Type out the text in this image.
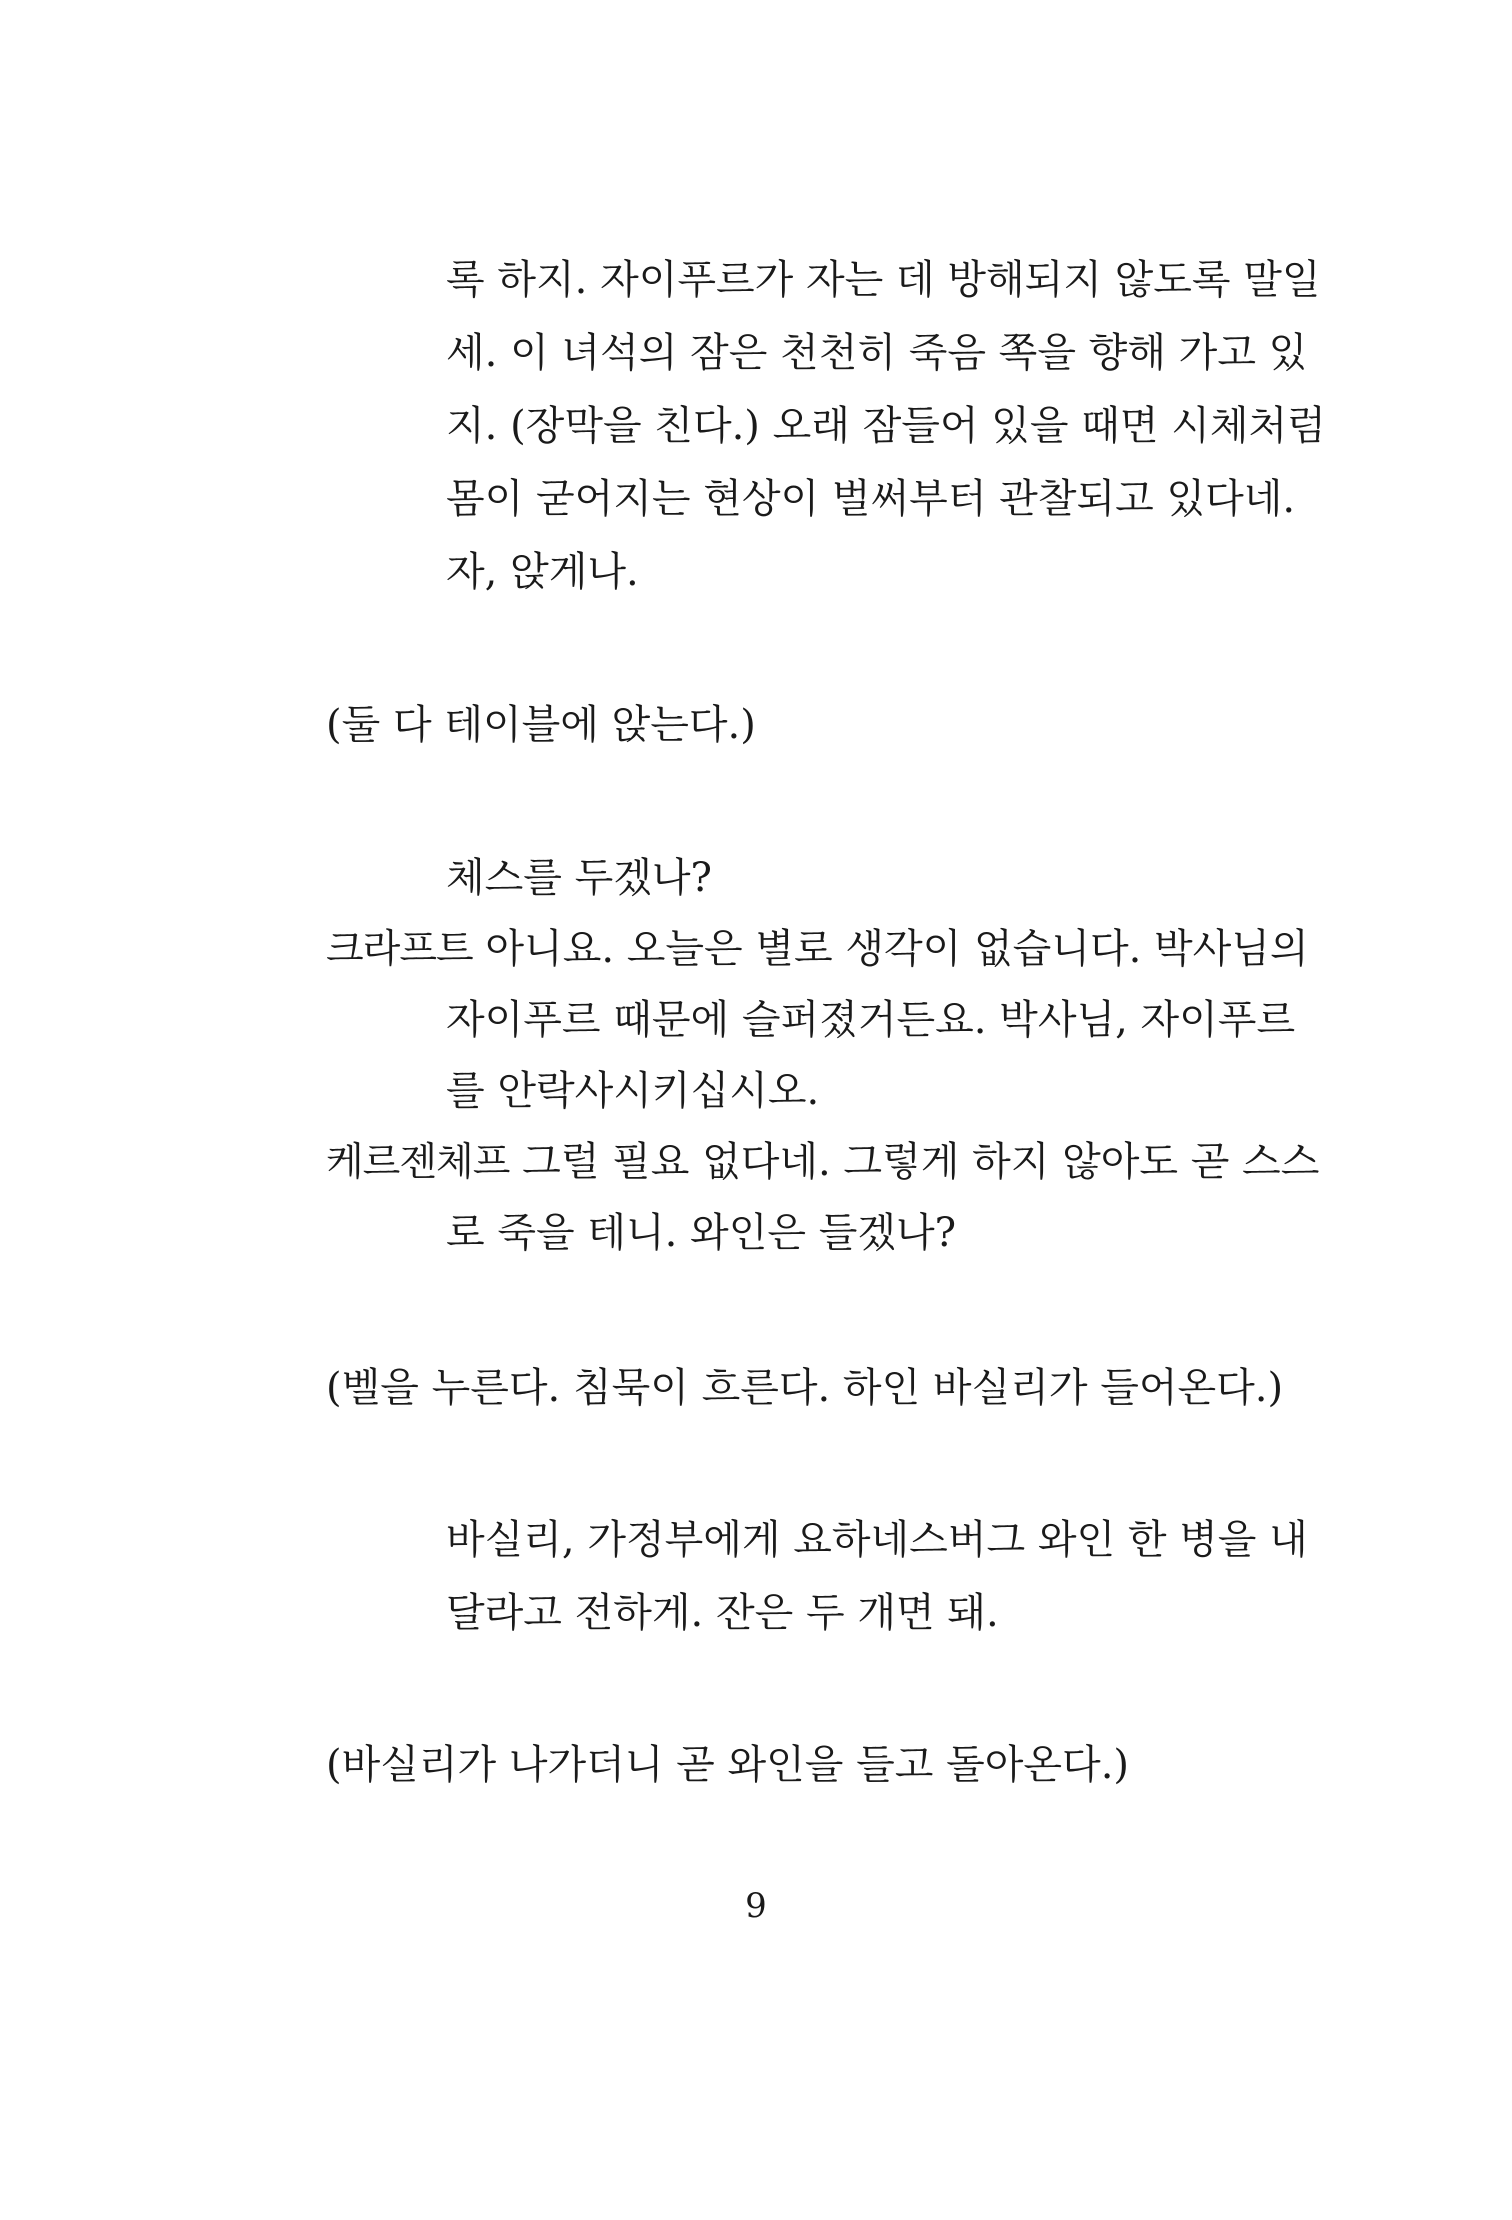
록 하지. 자이푸르가 자는 데 방해되지 않도록 말일
세. 이 녀석의 잠은 천천히 죽음 쪽을 향해 가고 있
지. (장막을 친다.) 오래 잠들어 있을 때면 시체처럼
몸이 굳어지는 현상이 벌써부터 관찰되고 있다네.
자, 앉게나.
(둘 다 테이블에 앉는다.)
체스를 두겠나?
크라프트 아니요. 오늘은 별로 생각이 없습니다. 박사님의
자이푸르 때문에 슬퍼졌거든요. 박사님, 자이푸르
를 안락사시키십시오.
케르젠체프 그럴 필요 없다네. 그렇게 하지 않아도 곧 스스
로 죽을 테니. 와인은 들겠나?
(벨을 누른다. 침묵이 흐른다. 하인 바실리가 들어온다.)
바실리, 가정부에게 요하네스버그 와인 한 병을 내
달라고 전하게. 잔은 두 개면 돼.
(바실리가 나가더니 곧 와인을 들고 돌아온다.)
9
